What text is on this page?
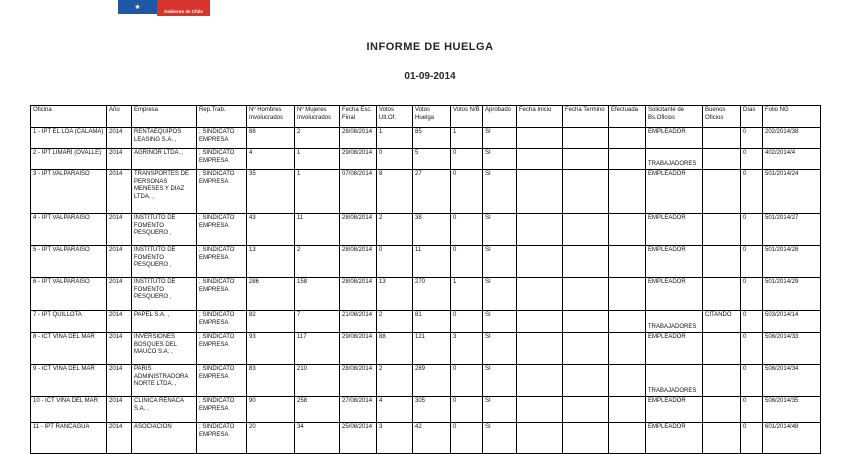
★
Gobierno de Chile
INFORME DE HUELGA
01-09-2014
Oficina	Año	Empresa	Rep.Trab.	Nº Hombres Involucrados	Nº Mujeres Involucrados	Fecha Esc. Final	Votos Ult.Of.	Votos Huelga	Votos N/B	Aprobado	Fecha Inicio	Fecha Termino	Efectuada	Solicitante de Bs.Oficios	Buenos Oficios	Días	Folio NG
1 - IPT EL LOA (CALAMA)	2014	RENTAEQUIPOS LEASING S.A. ,	; SINDICATO EMPRESA	88	2	28/08/2014	1	85	1	SI				EMPLEADOR		0	202/2014/38
2 - IPT LIMARI (OVALLE)	2014	AGRINOR LTDA. ,	; SINDICATO EMPRESA	4	1	29/08/2014	0	5	0	SI				TRABAJADORES		0	402/2014/4
3 - IPT VALPARAISO	2014	TRANSPORTES DE PERSONAS MENESES Y DIAZ LTDA. ,	; SINDICATO EMPRESA	35	1	07/08/2014	8	27	0	SI				EMPLEADOR		0	501/2014/24
4 - IPT VALPARAISO	2014	INSTITUTO DE FOMENTO PESQUERO ,	; SINDICATO EMPRESA	43	11	28/08/2014	2	38	0	SI				EMPLEADOR		0	501/2014/27
5 - IPT VALPARAISO	2014	INSTITUTO DE FOMENTO PESQUERO ,	; SINDICATO EMPRESA	13	2	28/08/2014	0	11	0	SI				EMPLEADOR		0	501/2014/28
6 - IPT VALPARAISO	2014	INSTITUTO DE FOMENTO PESQUERO ,	; SINDICATO EMPRESA	286	158	28/08/2014	13	270	1	SI				EMPLEADOR		0	501/2014/29
7 - IPT QUILLOTA	2014	PAPEL S.A. ,	; SINDICATO EMPRESA	82	7	21/08/2014	2	81	0	SI				TRABAJADORES	CITANDO	0	503/2014/14
8 - ICT VIÑA DEL MAR	2014	INVERSIONES BOSQUES DEL MAUCO S.A. ,	; SINDICATO EMPRESA	93	117	29/08/2014	88	121	3	SI				EMPLEADOR		0	508/2014/33
9 - ICT VIÑA DEL MAR	2014	PARIS ADMINISTRADORA NORTE LTDA. ,	; SINDICATO EMPRESA	83	210	28/08/2014	2	289	0	SI				TRABAJADORES		0	508/2014/34
10 - ICT VIÑA DEL MAR	2014	CLINICA REÑACA S.A. ,	; SINDICATO EMPRESA	90	258	27/08/2014	4	305	0	SI				EMPLEADOR		0	508/2014/35
11 - IPT RANCAGUA	2014	ASOCIACION	; SINDICATO EMPRESA	20	34	25/08/2014	3	42	0	SI				EMPLEADOR		0	601/2014/48
